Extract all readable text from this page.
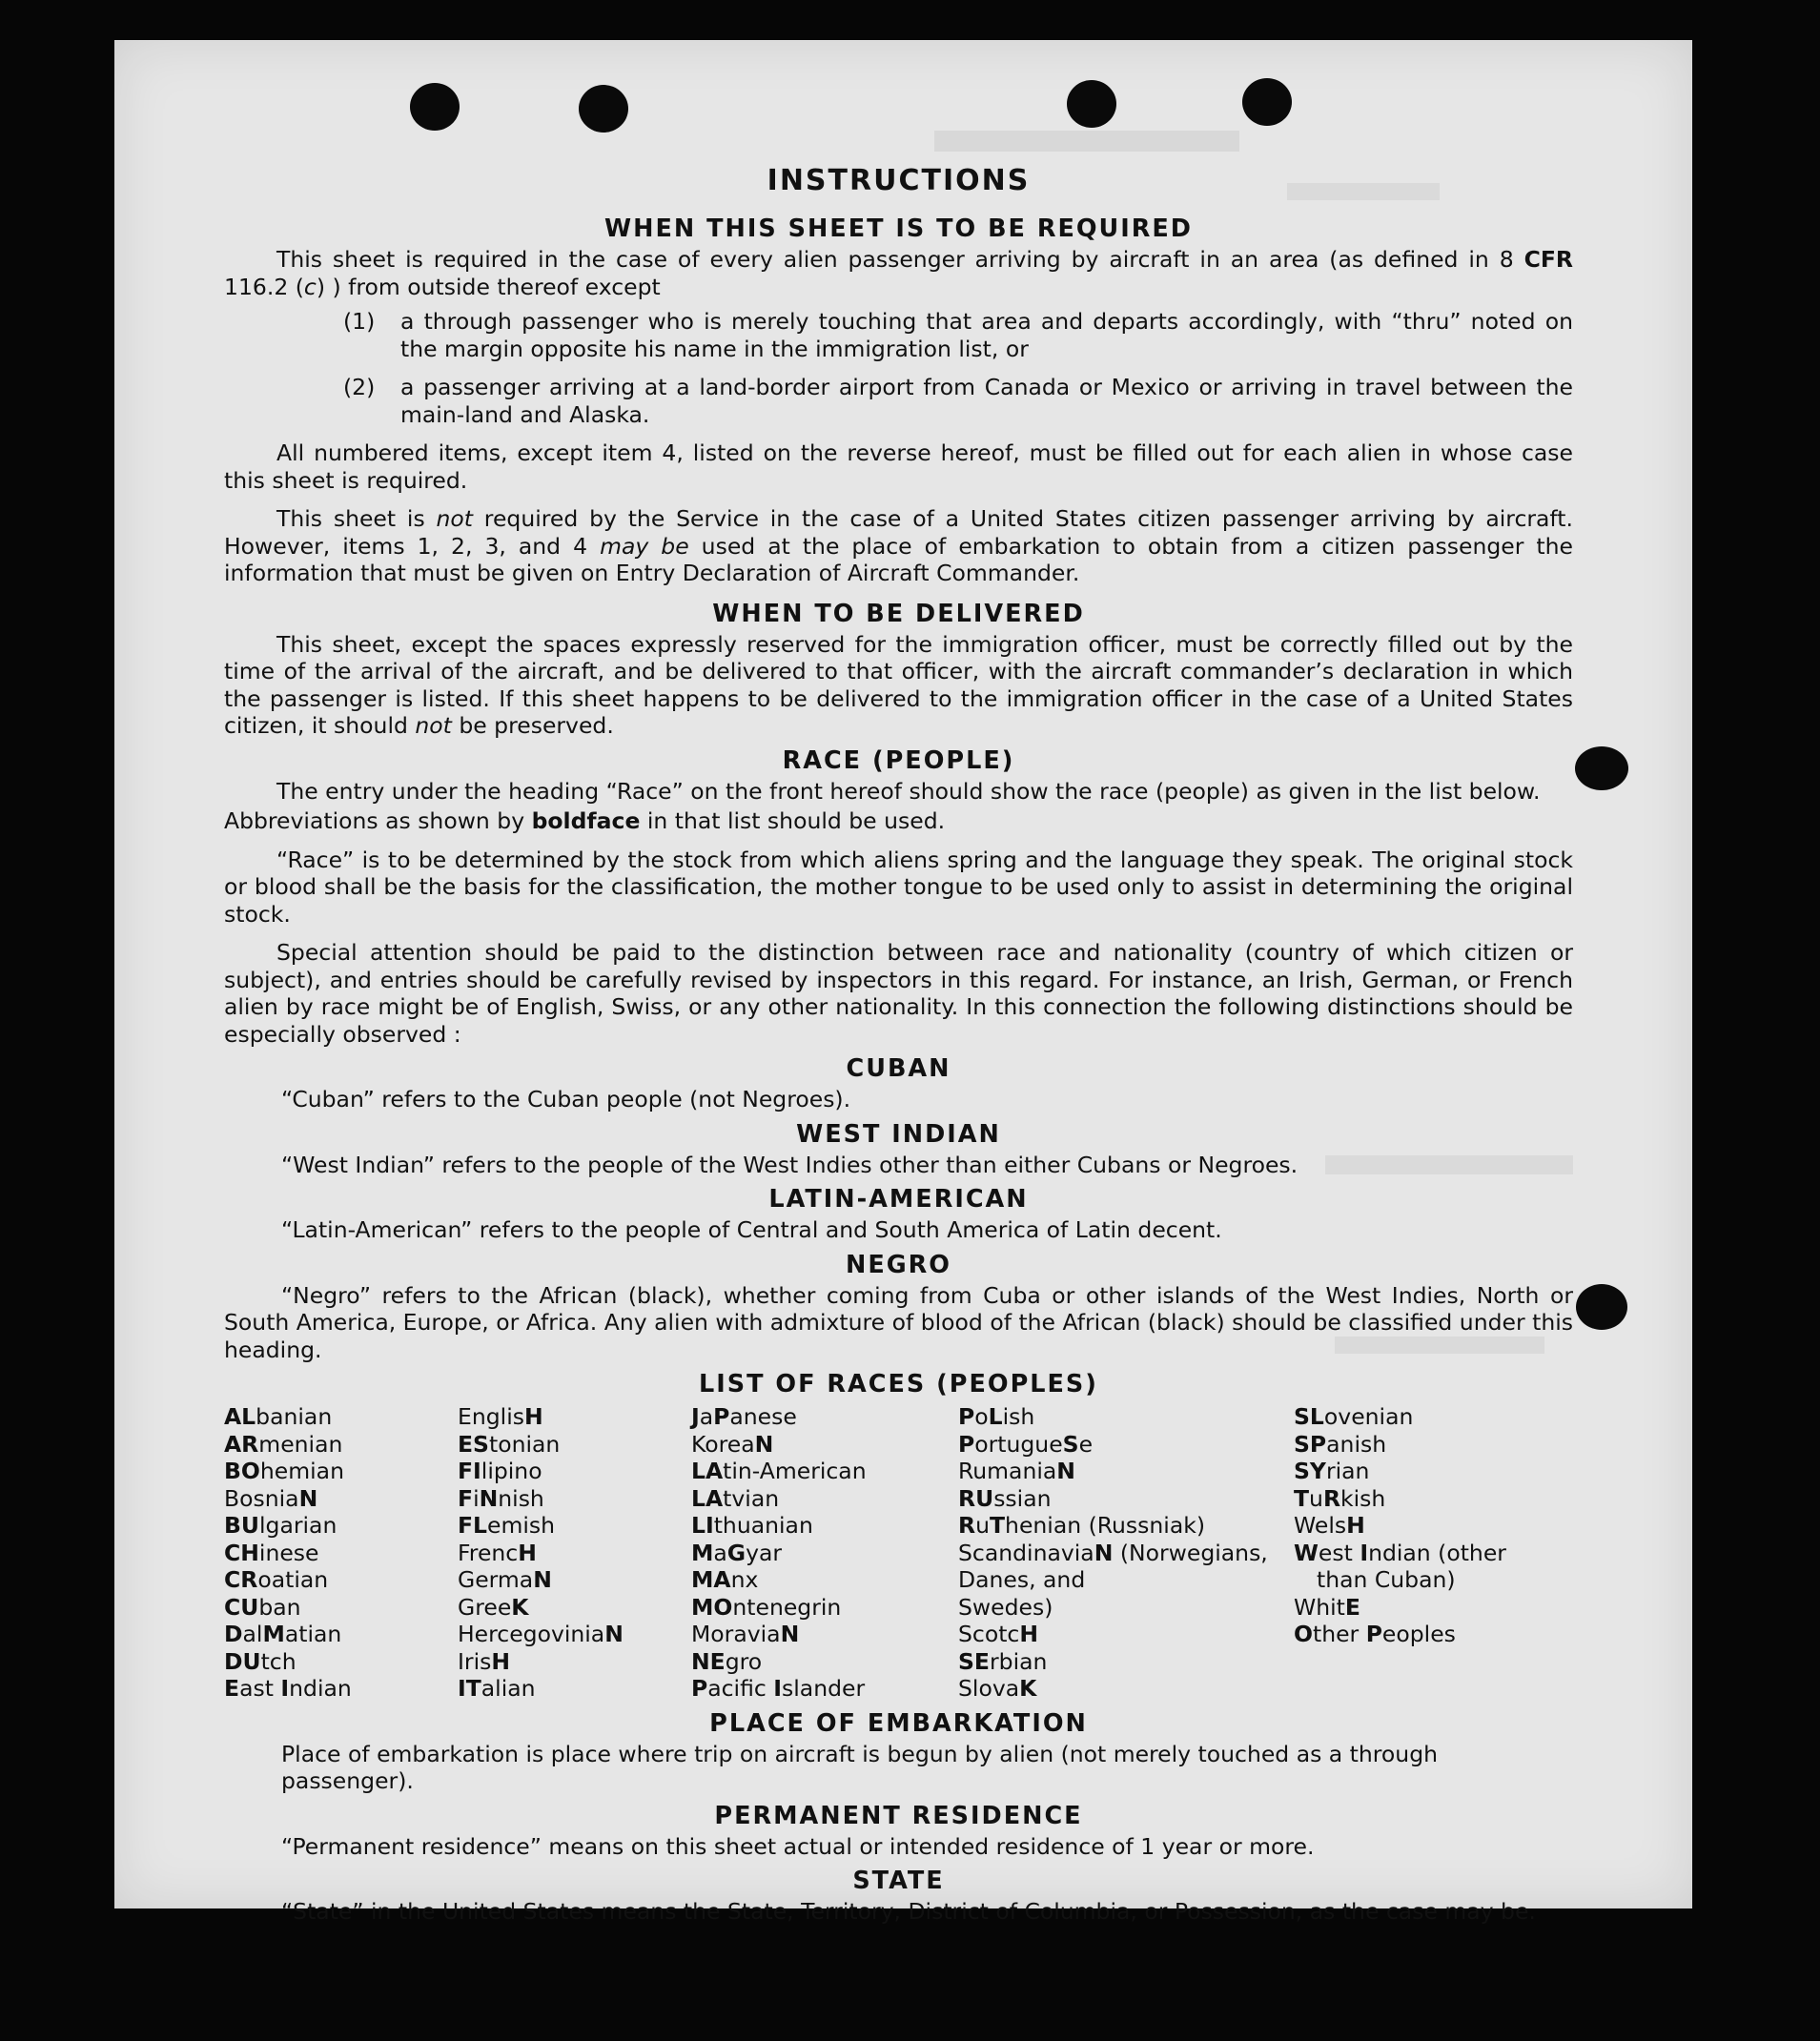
INSTRUCTIONS
WHEN THIS SHEET IS TO BE REQUIRED

This sheet is required in the case of every alien passenger arriving by aircraft in an area (as defined in 8 CFR 116.2 (c) ) from outside thereof except

(1)	a through passenger who is merely touching that area and departs accordingly, with “thru” noted on the margin opposite his name in the immigration list, or
(2)	a passenger arriving at a land-border airport from Canada or Mexico or arriving in travel between the main-land and Alaska.

All numbered items, except item 4, listed on the reverse hereof, must be filled out for each alien in whose case this sheet is required.

This sheet is not required by the Service in the case of a United States citizen passenger arriving by aircraft. However, items 1, 2, 3, and 4 may be used at the place of embarkation to obtain from a citizen passenger the information that must be given on Entry Declaration of Aircraft Commander.

WHEN TO BE DELIVERED

This sheet, except the spaces expressly reserved for the immigration officer, must be correctly filled out by the time of the arrival of the aircraft, and be delivered to that officer, with the aircraft commander’s declaration in which the passenger is listed. If this sheet happens to be delivered to the immigration officer in the case of a United States citizen, it should not be preserved.

RACE (PEOPLE)

The entry under the heading “Race” on the front hereof should show the race (people) as given in the list below.

Abbreviations as shown by boldface in that list should be used.

“Race” is to be determined by the stock from which aliens spring and the language they speak. The original stock or blood shall be the basis for the classification, the mother tongue to be used only to assist in determining the original stock.

Special attention should be paid to the distinction between race and nationality (country of which citizen or subject), and entries should be carefully revised by inspectors in this regard. For instance, an Irish, German, or French alien by race might be of English, Swiss, or any other nationality. In this connection the following distinctions should be especially observed :

CUBAN
“Cuban” refers to the Cuban people (not Negroes).
WEST INDIAN
“West Indian” refers to the people of the West Indies other than either Cubans or Negroes.
LATIN-AMERICAN
“Latin-American” refers to the people of Central and South America of Latin decent.
NEGRO
“Negro” refers to the African (black), whether coming from Cuba or other islands of the West Indies, North or South America, Europe, or Africa. Any alien with admixture of blood of the African (black) should be classified under this heading.
LIST OF RACES (PEOPLES)
ALbanian
ARmenian
BOhemian
BosniaN
BUlgarian
CHinese
CRoatian
CUban
DalMatian
DUtch
East Indian
EnglisH
EStonian
FIlipino
FiNnish
FLemish
FrencH
GermaN
GreeK
HercegoviniaN
IrisH
ITalian
JaPanese
KoreaN
LAtin-American
LAtvian
LIthuanian
MaGyar
MAnx
MOntenegrin
MoraviaN
NEgro
Pacific Islander
PoLish
PortugueSe
RumaniaN
RUssian
RuThenian (Russniak)
ScandinaviaN (Norwegians,
Danes, and
Swedes)
ScotcH
SErbian
SlovaK
SLovenian
SPanish
SYrian
TuRkish
WelsH
West Indian (other
than Cuban)
WhitE
Other Peoples
PLACE OF EMBARKATION
Place of embarkation is place where trip on aircraft is begun by alien (not merely touched as a through passenger).
PERMANENT RESIDENCE
“Permanent residence” means on this sheet actual or intended residence of 1 year or more.
STATE
“State” in the United States means the State, Territory, District of Columbia, or Possession, as the case may be.
